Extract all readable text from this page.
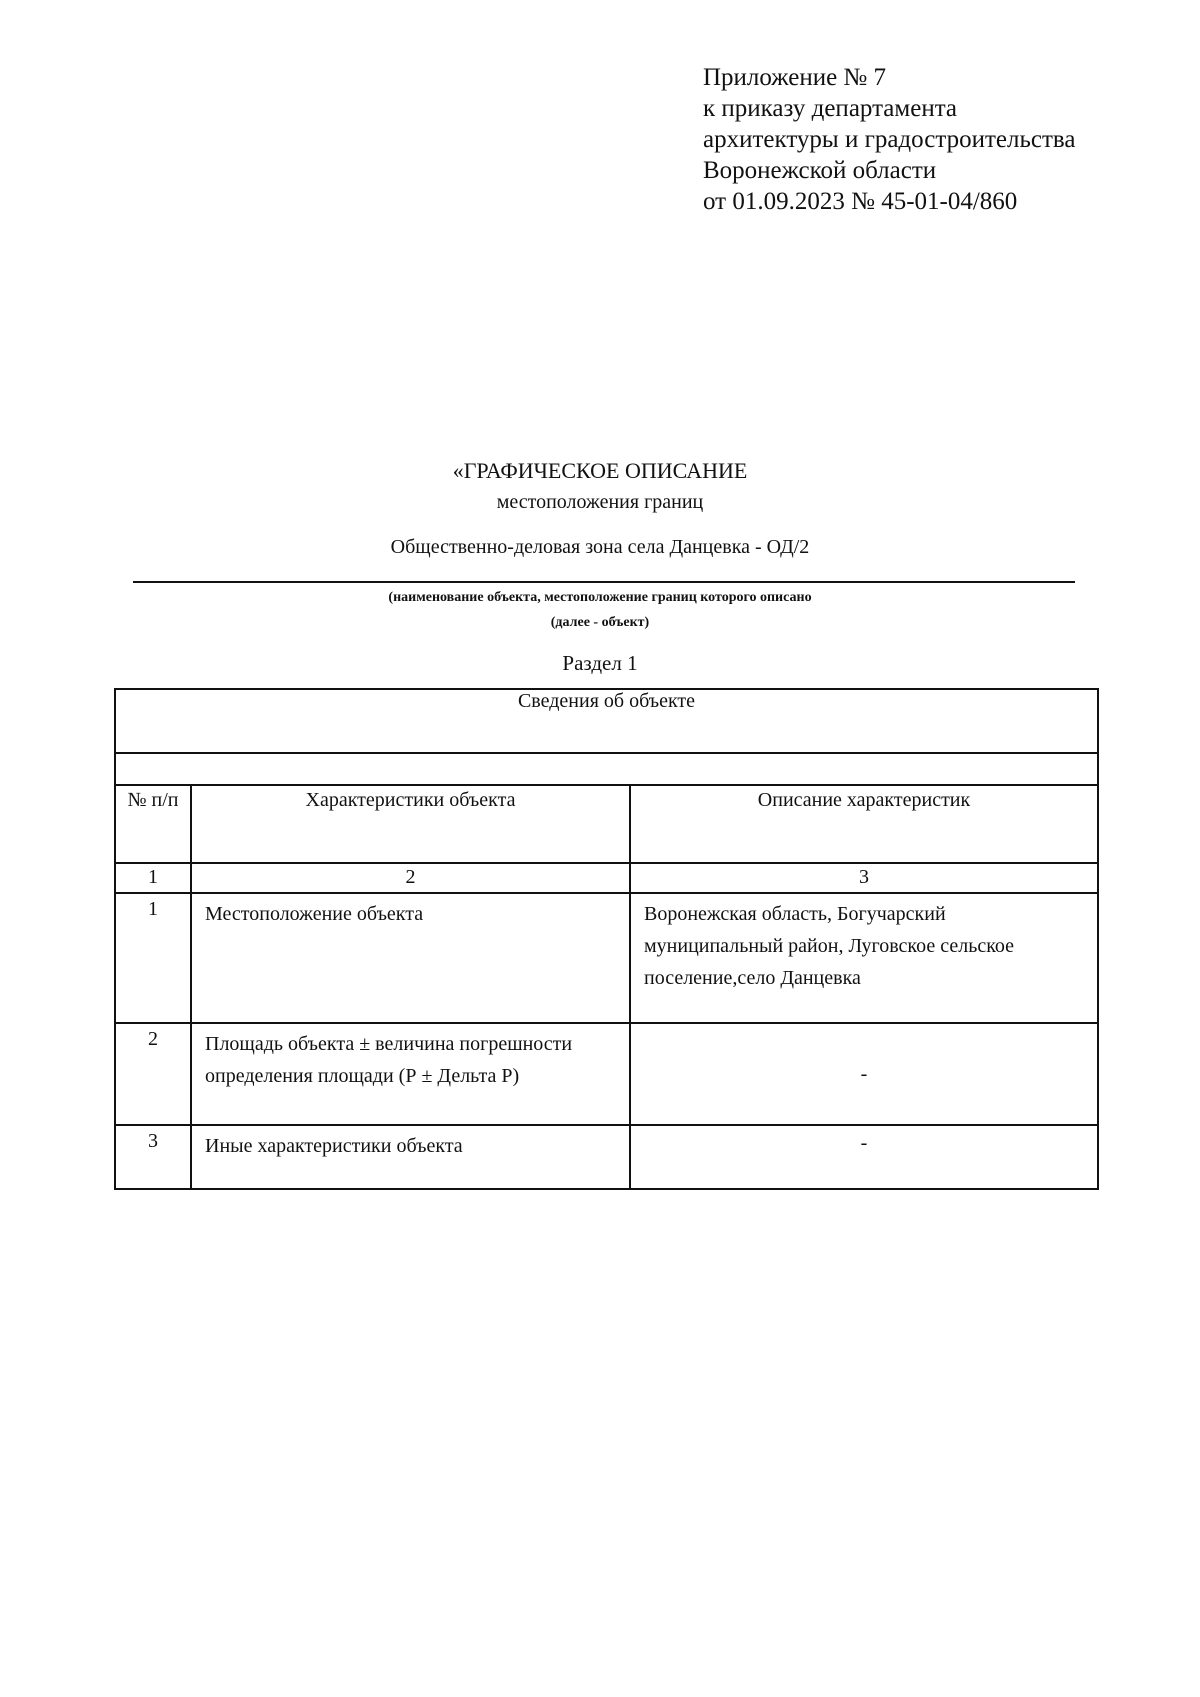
Приложение № 7
к приказу департамента
архитектуры и градостроительства
Воронежской области
от 01.09.2023 № 45-01-04/860
«ГРАФИЧЕСКОЕ ОПИСАНИЕ
местоположения границ
Общественно-деловая зона села Данцевка - ОД/2
(наименование объекта, местоположение границ которого описано
(далее - объект)
Раздел 1
Сведения об объекте		

№ п/п	Характеристики объекта	Описание характеристик
1	2	3
1	Местоположение объекта	Воронежская область, Богучарский муниципальный район, Луговское сельское поселение,село Данцевка
2	Площадь объекта ± величина погрешности определения площади (Р ± Дельта Р)	-
3	Иные характеристики объекта	-
